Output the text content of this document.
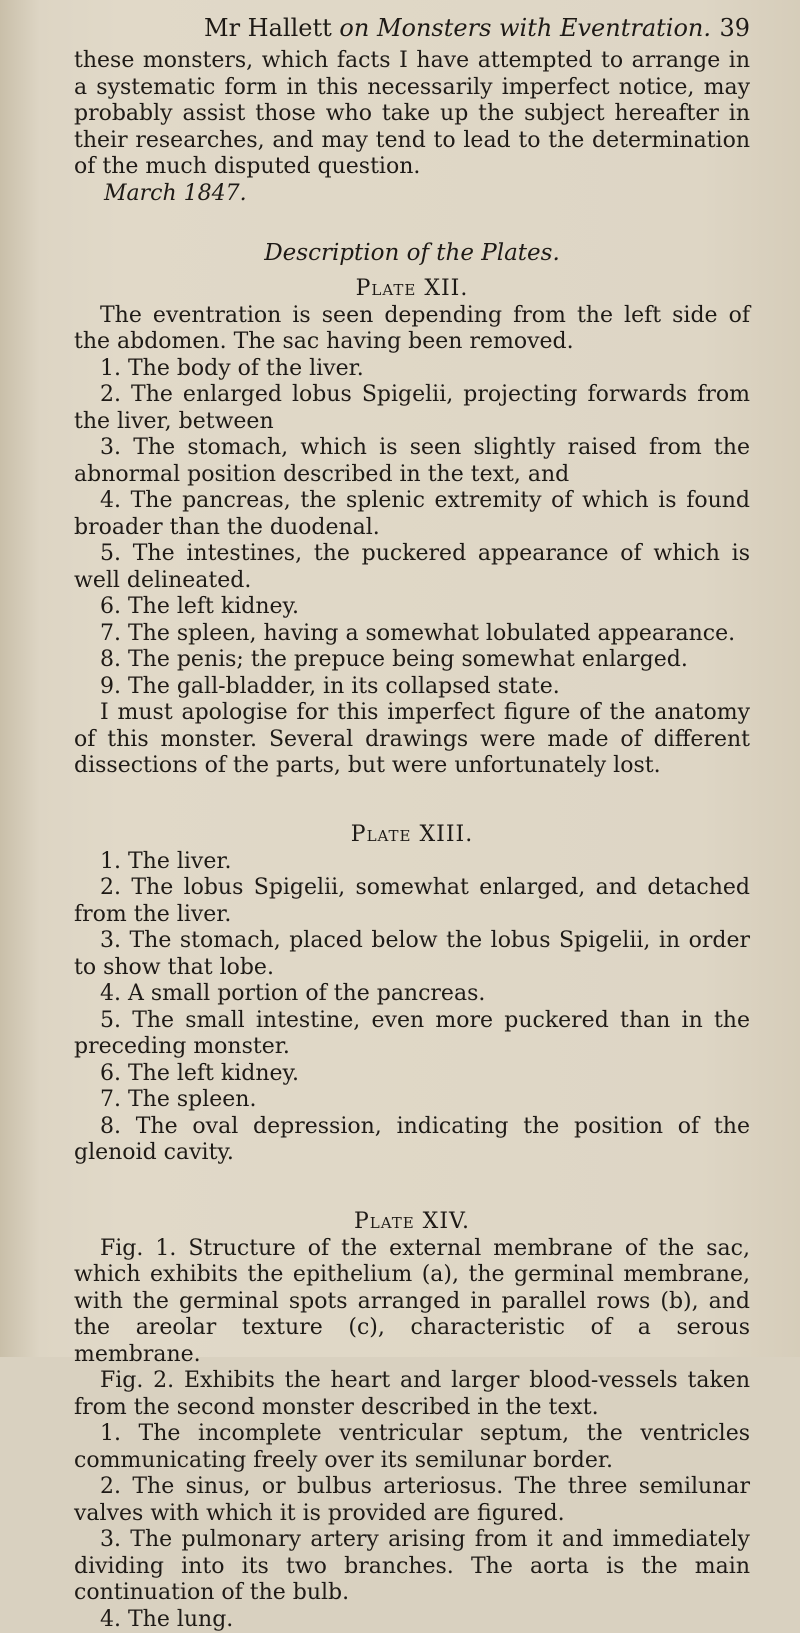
Mr Hallett on Monsters with Eventration. 39

these monsters, which facts I have attempted to arrange in a systematic form in this necessarily imperfect notice, may probably assist those who take up the subject hereafter in their researches, and may tend to lead to the determination of the much disputed question.

March 1847.

Description of the Plates.

Plate XII.

The eventration is seen depending from the left side of the abdomen. The sac having been removed.

1. The body of the liver.

2. The enlarged lobus Spigelii, projecting forwards from the liver, between

3. The stomach, which is seen slightly raised from the abnormal position described in the text, and

4. The pancreas, the splenic extremity of which is found broader than the duodenal.

5. The intestines, the puckered appearance of which is well delineated.

6. The left kidney.

7. The spleen, having a somewhat lobulated appearance.

8. The penis; the prepuce being somewhat enlarged.

9. The gall-bladder, in its collapsed state.

I must apologise for this imperfect figure of the anatomy of this monster. Several drawings were made of different dissections of the parts, but were unfortunately lost.

Plate XIII.

1. The liver.

2. The lobus Spigelii, somewhat enlarged, and detached from the liver.

3. The stomach, placed below the lobus Spigelii, in order to show that lobe.

4. A small portion of the pancreas.

5. The small intestine, even more puckered than in the preceding monster.

6. The left kidney.

7. The spleen.

8. The oval depression, indicating the position of the glenoid cavity.

Plate XIV.

Fig. 1. Structure of the external membrane of the sac, which exhibits the epithelium (a), the germinal membrane, with the germinal spots arranged in parallel rows (b), and the areolar texture (c), characteristic of a serous membrane.

Fig. 2. Exhibits the heart and larger blood-vessels taken from the second monster described in the text.

1. The incomplete ventricular septum, the ventricles communicating freely over its semilunar border.

2. The sinus, or bulbus arteriosus. The three semilunar valves with which it is provided are figured.

3. The pulmonary artery arising from it and immediately dividing into its two branches. The aorta is the main continuation of the bulb.

4. The lung.
